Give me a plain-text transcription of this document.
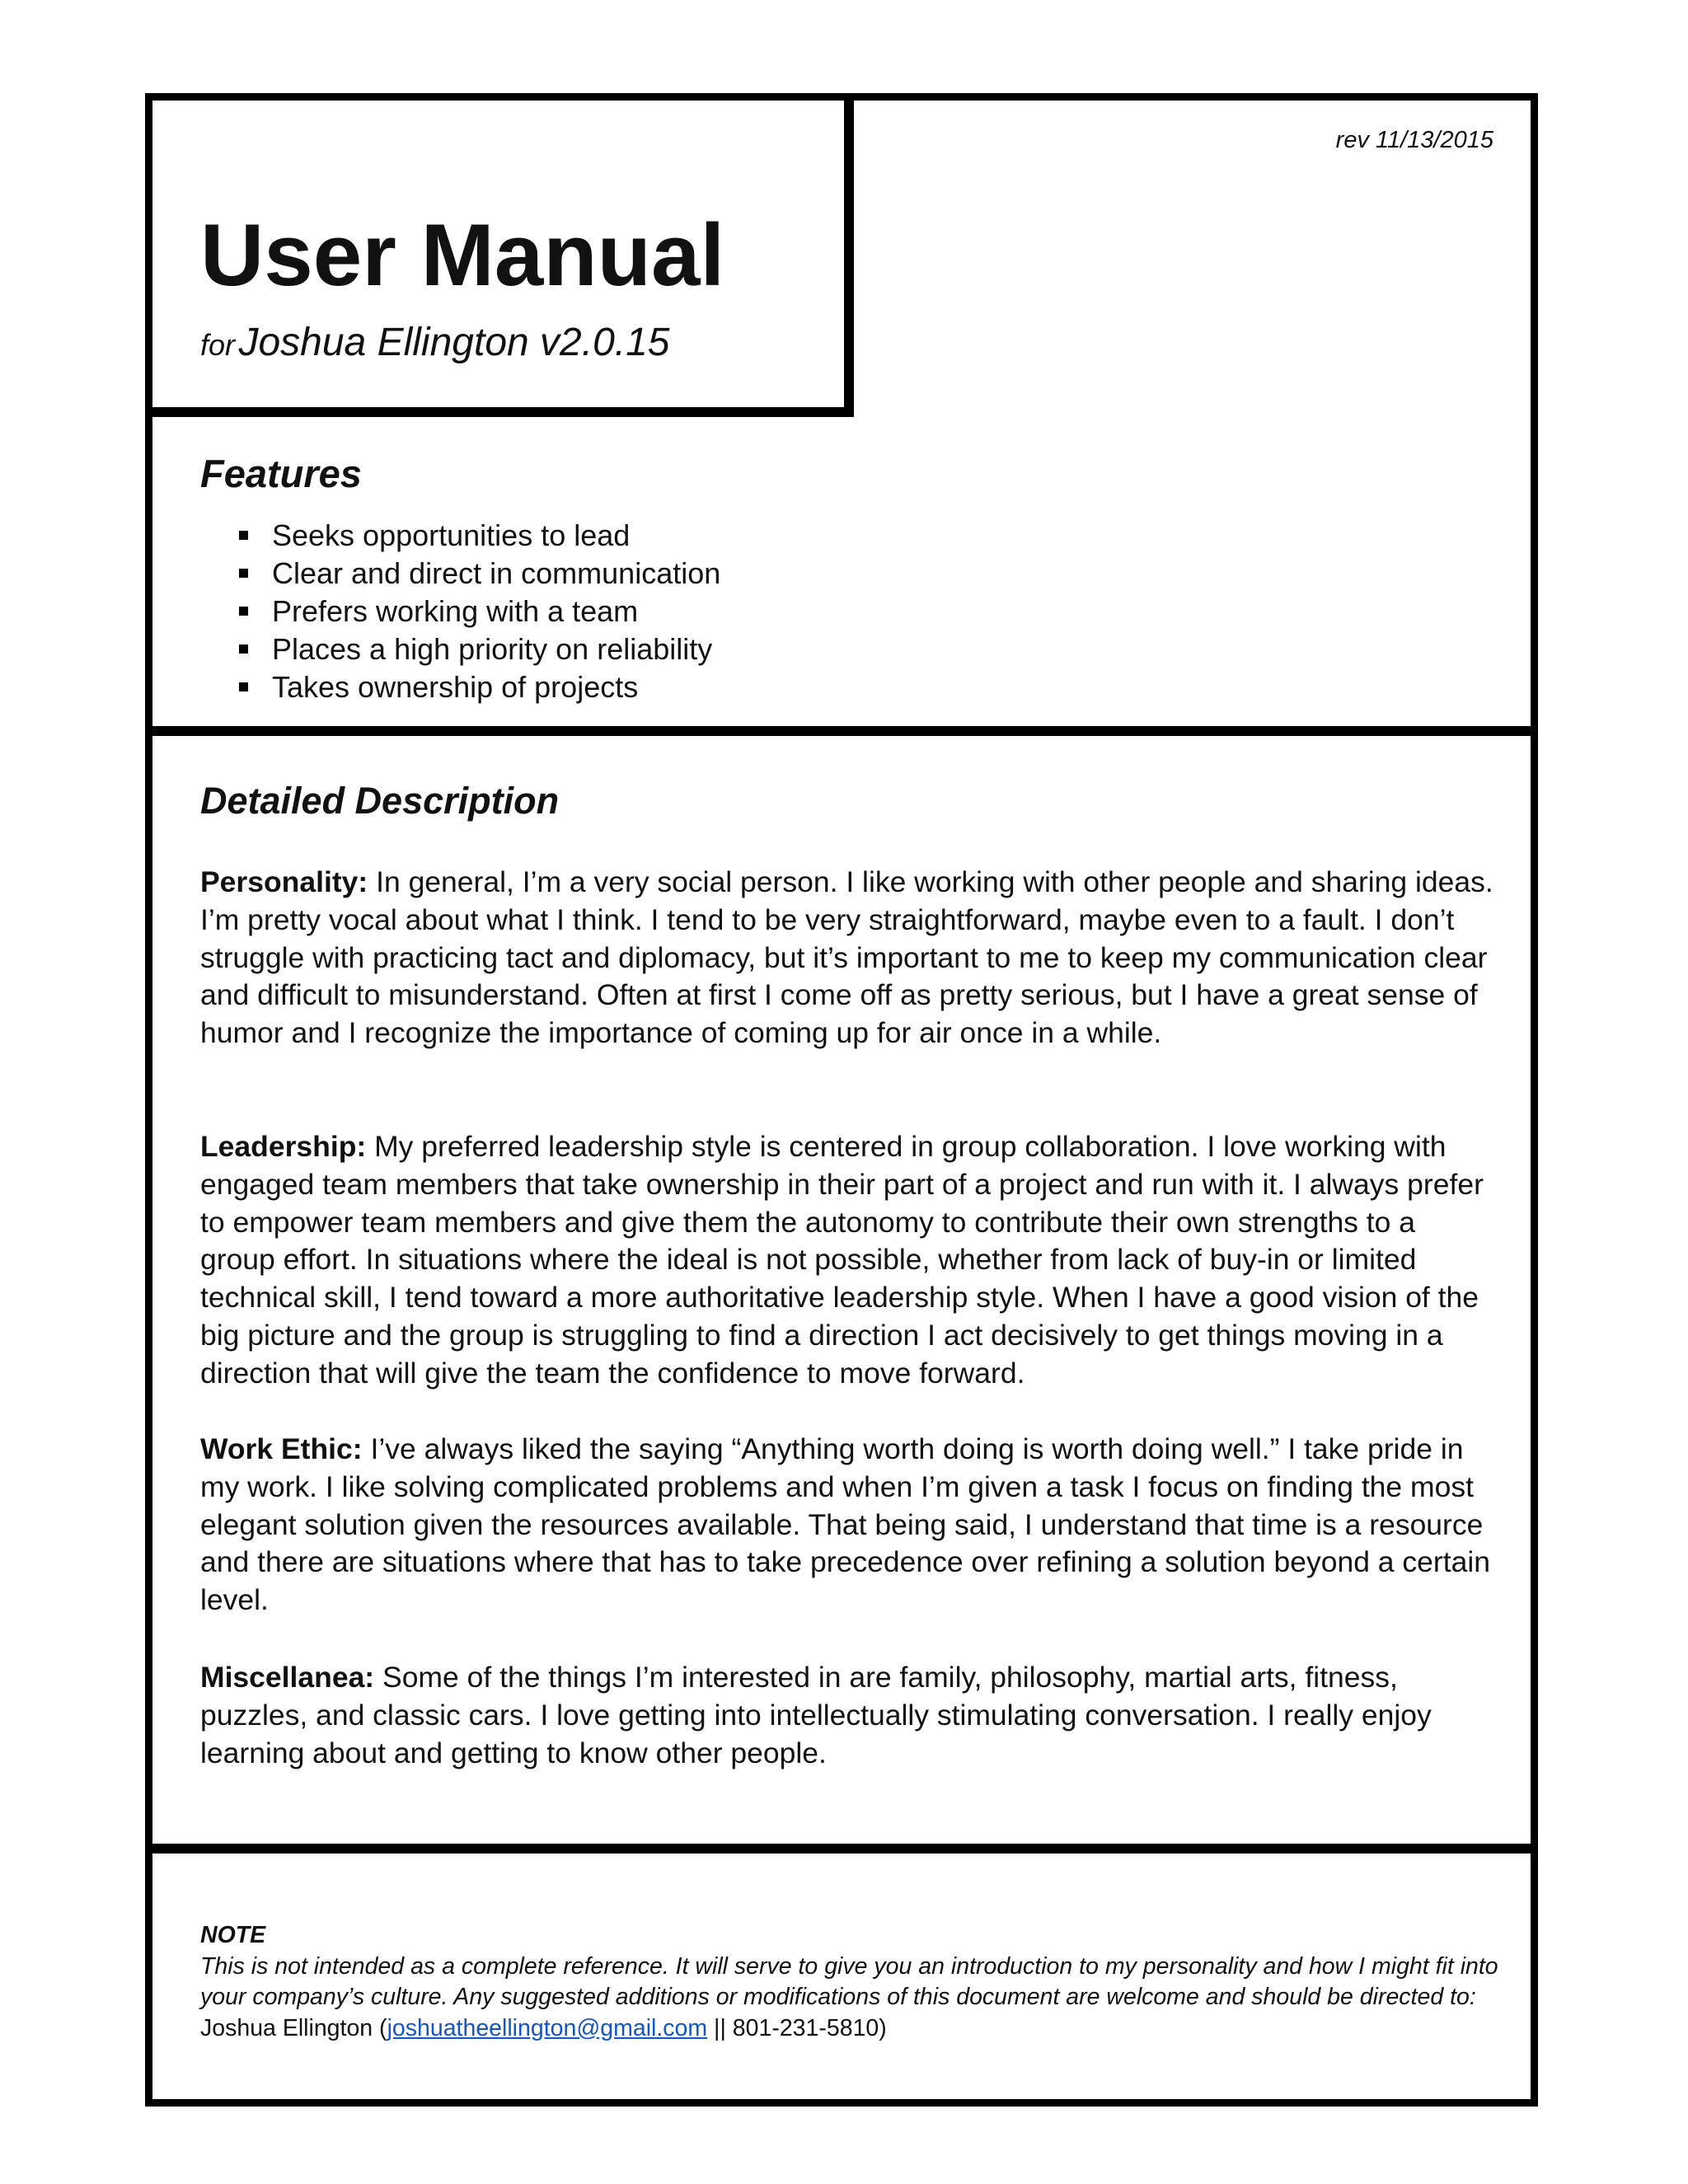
rev 11/13/2015
User Manual
for Joshua Ellington v2.0.15
Features
Seeks opportunities to lead
Clear and direct in communication
Prefers working with a team
Places a high priority on reliability
Takes ownership of projects
Detailed Description

Personality: In general, I’m a very social person. I like working with other people and sharing ideas. I’m pretty vocal about what I think. I tend to be very straightforward, maybe even to a fault. I don’t struggle with practicing tact and diplomacy, but it’s important to me to keep my communication clear and difficult to misunderstand. Often at first I come off as pretty serious, but I have a great sense of humor and I recognize the importance of coming up for air once in a while.

Leadership: My preferred leadership style is centered in group collaboration. I love working with engaged team members that take ownership in their part of a project and run with it. I always prefer to empower team members and give them the autonomy to contribute their own strengths to a group effort. In situations where the ideal is not possible, whether from lack of buy-in or limited technical skill, I tend toward a more authoritative leadership style. When I have a good vision of the big picture and the group is struggling to find a direction I act decisively to get things moving in a direction that will give the team the confidence to move forward.

Work Ethic: I’ve always liked the saying “Anything worth doing is worth doing well.” I take pride in my work. I like solving complicated problems and when I’m given a task I focus on finding the most elegant solution given the resources available. That being said, I understand that time is a resource and there are situations where that has to take precedence over refining a solution beyond a certain level.

Miscellanea: Some of the things I’m interested in are family, philosophy, martial arts, fitness, puzzles, and classic cars. I love getting into intellectually stimulating conversation. I really enjoy learning about and getting to know other people.

NOTE
This is not intended as a complete reference. It will serve to give you an introduction to my personality and how I might fit into your company’s culture. Any suggested additions or modifications of this document are welcome and should be directed to: Joshua Ellington (joshuatheellington@gmail.com || 801-231-5810)
